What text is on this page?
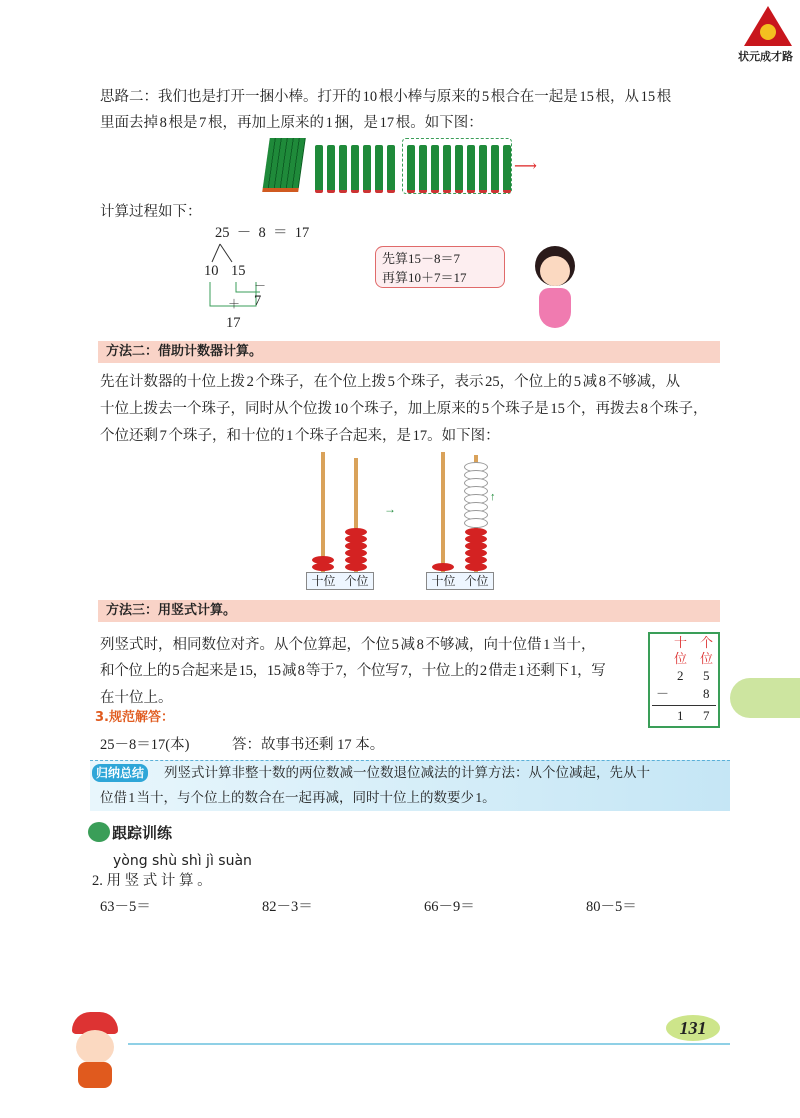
状元成才路
思路二：我们也是打开一捆小棒。打开的 10 根小棒与原来的 5 根合在一起是 15 根，从 15 根
里面去掉 8 根是 7 根，再加上原来的 1 捆，是 17 根。如下图：
⟶
计算过程如下：
25  －  8  ＝  17
10 15
－
7
＋
17
先算15－8＝7
再算10＋7＝17
方法二：借助计数器计算。
先在计数器的十位上拨 2 个珠子，在个位上拨 5 个珠子，表示 25，个位上的 5 减 8 不够减，从
十位上拨去一个珠子，同时从个位拨 10 个珠子，加上原来的 5 个珠子是 15 个，再拨去 8 个珠子，
个位还剩 7 个珠子，和十位的 1 个珠子合起来，是 17。如下图：
十位 个位
→
↑
十位 个位
方法三：用竖式计算。
列竖式时，相同数位对齐。从个位算起，个位 5 减 8 不够减，向十位借 1 当十，
和个位上的 5 合起来是 15，15 减 8 等于 7，个位写 7，十位上的 2 借走 1 还剩下 1，写
在十位上。
十 个
位 位
2 5
－	8
1 7
3.规范解答：
25－8＝17(本)	答：故事书还剩 17 本。
归纳总结 列竖式计算非整十数的两位数减一位数退位减法的计算方法：从个位减起，先从十
位借 1 当十，与个位上的数合在一起再减，同时十位上的数要少 1。
跟踪训练
yòng shù shì jì suàn
2. 用 竖 式 计 算 。
63－5＝	82－3＝	66－9＝	80－5＝
131
